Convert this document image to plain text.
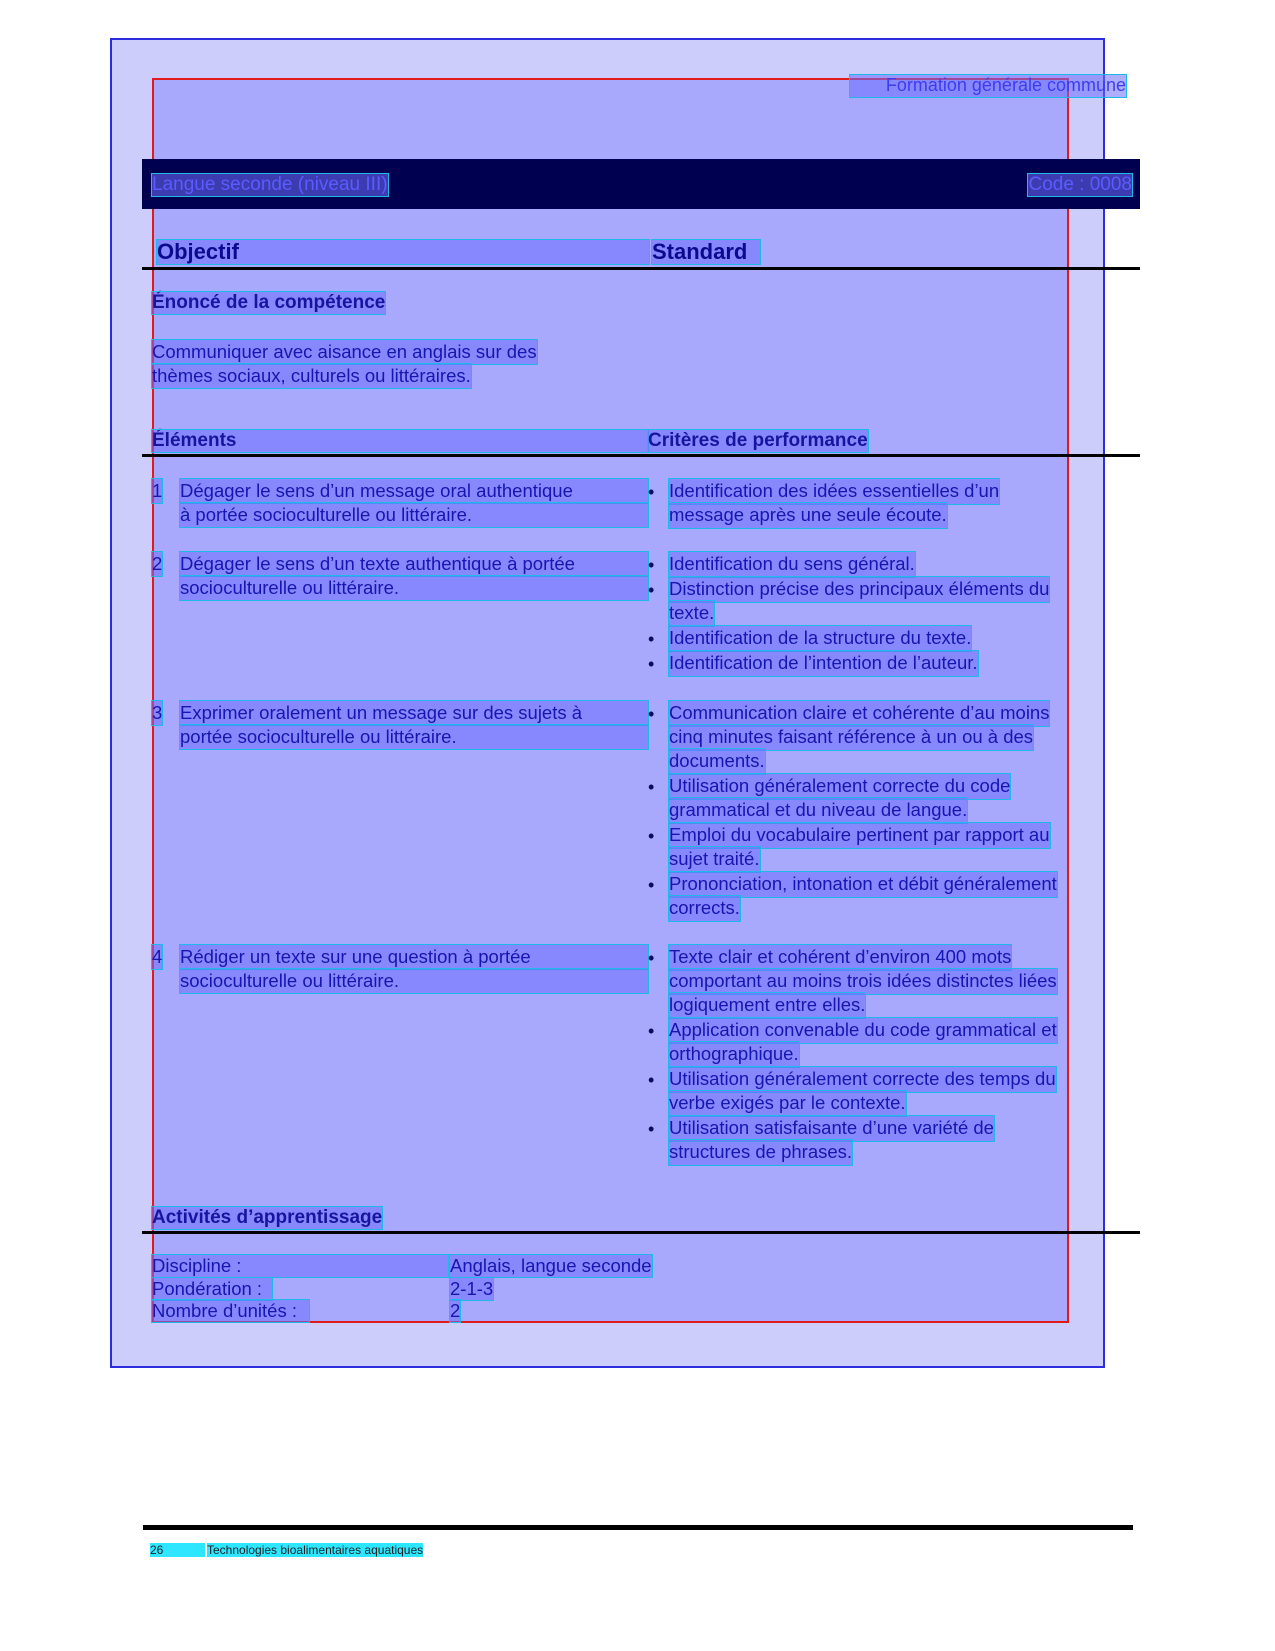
Formation générale commune
Langue seconde (niveau III)	Code : 0008
Objectif	Standard
Énoncé de la compétence
Communiquer avec aisance en anglais sur des
thèmes sociaux, culturels ou littéraires.
Éléments	Critères de performance
1 Dégager le sens d’un message oral authentique
à portée socioculturelle ou littéraire.
•
Identification des idées essentielles d’un
message après une seule écoute.
2 Dégager le sens d’un texte authentique à portée
socioculturelle ou littéraire.
•
Identification du sens général.
•
Distinction précise des principaux éléments du
texte.
•
Identification de la structure du texte.
•
Identification de l’intention de l’auteur.
3 Exprimer oralement un message sur des sujets à
portée socioculturelle ou littéraire.
•
Communication claire et cohérente d’au moins
cinq minutes faisant référence à un ou à des
documents.
•
Utilisation généralement correcte du code
grammatical et du niveau de langue.
•
Emploi du vocabulaire pertinent par rapport au
sujet traité.
•
Prononciation, intonation et débit généralement
corrects.
4 Rédiger un texte sur une question à portée
socioculturelle ou littéraire.
•
Texte clair et cohérent d’environ 400 mots
comportant au moins trois idées distinctes liées
logiquement entre elles.
•
Application convenable du code grammatical et
orthographique.
•
Utilisation généralement correcte des temps du
verbe exigés par le contexte.
•
Utilisation satisfaisante d’une variété de
structures de phrases.
Activités d’apprentissage
Discipline :	Anglais, langue seconde
Pondération :	2-1-3
Nombre d’unités :	2
26	Technologies bioalimentaires aquatiques
